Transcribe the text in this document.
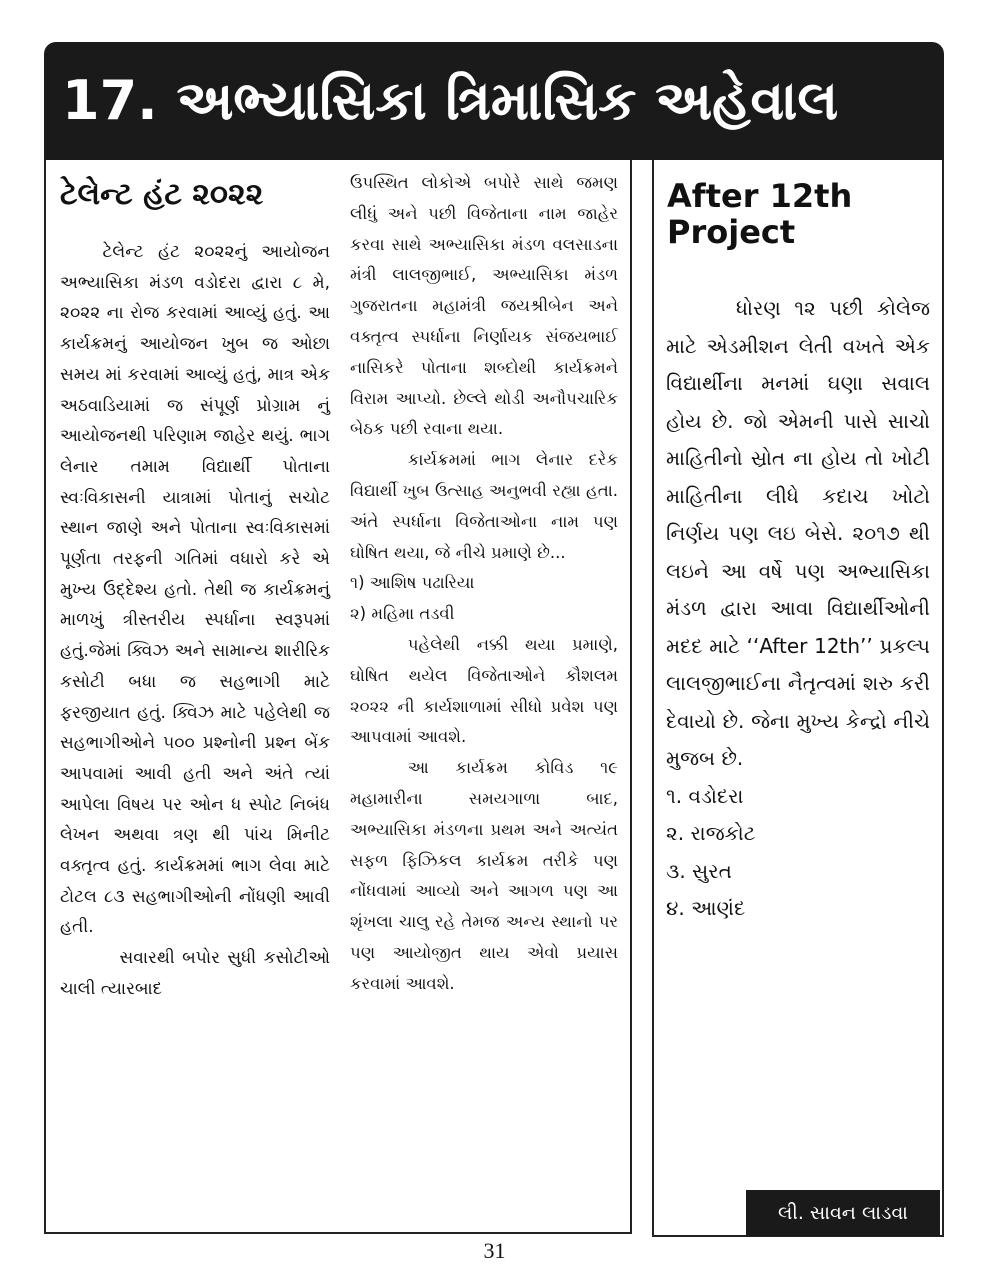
17. અભ્યાસિકા ત્રિમાસિક અહેવાલ
ટેલેન્ટ હંટ ૨૦૨૨

ટેલેન્ટ હંટ ૨૦૨૨નું આયોજન અભ્યાસિકા મંડળ વડોદરા દ્વારા ૮ મે, ૨૦૨૨ ના રોજ કરવામાં આવ્યું હતું. આ કાર્યક્રમનું આયોજન ખુબ જ ઓછા સમય માં કરવામાં આવ્યું હતું, માત્ર એક અઠવાડિયામાં જ સંપૂર્ણ પ્રોગ્રામ નું આયોજનથી પરિણામ જાહેર થયું. ભાગ લેનાર તમામ વિદ્યાર્થી પોતાના સ્વઃવિકાસની યાત્રામાં પોતાનું સચોટ સ્થાન જાણે અને પોતાના સ્વઃવિકાસમાં પૂર્ણતા તરફની ગતિમાં વધારો કરે એ મુખ્ય ઉદ્દેશ્ય હતો. તેથી જ કાર્યક્રમનું માળખું ત્રીસ્તરીય સ્પર્ધાના સ્વરૂપમાં હતું.જેમાં ક્વિઝ અને સામાન્ય શારીરિક કસોટી બધા જ સહભાગી માટે ફરજીયાત હતું. ક્વિઝ માટે પહેલેથી જ સહભાગીઓને ૫૦૦ પ્રશ્નોની પ્રશ્ન બેંક આપવામાં આવી હતી અને અંતે ત્યાં આપેલા વિષય પર ઓન ધ સ્પોટ નિબંધ લેખન અથવા ત્રણ થી પાંચ મિનીટ વક્તૃત્વ હતું. કાર્યક્રમમાં ભાગ લેવા માટે ટોટલ ૮૩ સહભાગીઓની નોંધણી આવી હતી.

સવારથી બપોર સુધી કસોટીઓ ચાલી ત્યારબાદ

ઉપસ્થિત લોકોએ બપોરે સાથે જમણ લીધું અને પછી વિજેતાના નામ જાહેર કરવા સાથે અભ્યાસિકા મંડળ વલસાડના મંત્રી લાલજીભાઈ, અભ્યાસિકા મંડળ ગુજરાતના મહામંત્રી જયશ્રીબેન અને વક્તૃત્વ સ્પર્ધાના નિર્ણાયક સંજયભાઈ નાસિકરે પોતાના શબ્દોથી કાર્યક્રમને વિરામ આપ્યો. છેલ્લે થોડી અનૌપચારિક બેઠક પછી રવાના થયા.

કાર્યક્રમમાં ભાગ લેનાર દરેક વિદ્યાર્થી ખુબ ઉત્સાહ અનુભવી રહ્યા હતા. અંતે સ્પર્ધાના વિજેતાઓના નામ પણ ઘોષિત થયા, જે નીચે પ્રમાણે છે...

૧) આશિષ પઢારિયા
૨) મહિમા તડવી

પહેલેથી નક્કી થયા પ્રમાણે, ઘોષિત થયેલ વિજેતાઓને કૌશલમ ૨૦૨૨ ની કાર્યશાળામાં સીધો પ્રવેશ પણ આપવામાં આવશે.

આ કાર્યક્રમ કોવિડ ૧૯ મહામારીના સમયગાળા બાદ, અભ્યાસિકા મંડળના પ્રથમ અને અત્યંત સફળ ફિઝિકલ કાર્યક્રમ તરીકે પણ નોંધવામાં આવ્યો અને આગળ પણ આ શૃંખલા ચાલુ રહે તેમજ અન્ય સ્થાનો પર પણ આયોજીત થાય એવો પ્રયાસ કરવામાં આવશે.

After 12th
Project

ધોરણ ૧૨ પછી કોલેજ માટે એડમીશન લેતી વખતે એક વિદ્યાર્થીના મનમાં ઘણા સવાલ હોય છે. જો એમની પાસે સાચો માહિતીનો સ્રોત ના હોય તો ખોટી માહિતીના લીધે કદાચ ખોટો નિર્ણય પણ લઇ બેસે. ૨૦૧૭ થી લઇને આ વર્ષે પણ અભ્યાસિકા મંડળ દ્વારા આવા વિદ્યાર્થીઓની મદદ માટે ‘‘After 12th’’ પ્રકલ્પ લાલજીભાઈના નૈતૃત્વમાં શરુ કરી દેવાયો છે. જેના મુખ્ય કેન્દ્રો નીચે મુજબ છે.

૧. વડોદરા
૨. રાજકોટ
૩. સુરત
૪. આણંદ
લી. સાવન લાડવા
31
